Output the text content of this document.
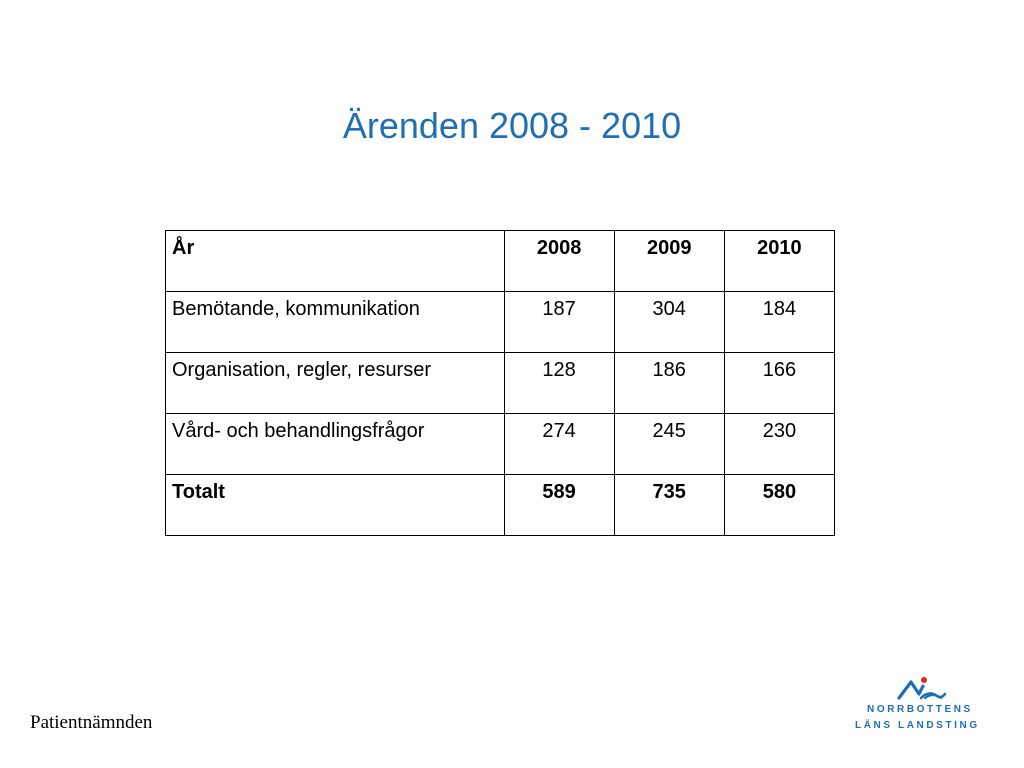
Ärenden 2008 - 2010
År	2008	2009	2010
Bemötande, kommunikation	187	304	184
Organisation, regler, resurser	128	186	166
Vård- och behandlingsfrågor	274	245	230
Totalt	589	735	580
Patientnämnden
NORRBOTTENS
LÄNS LANDSTING
